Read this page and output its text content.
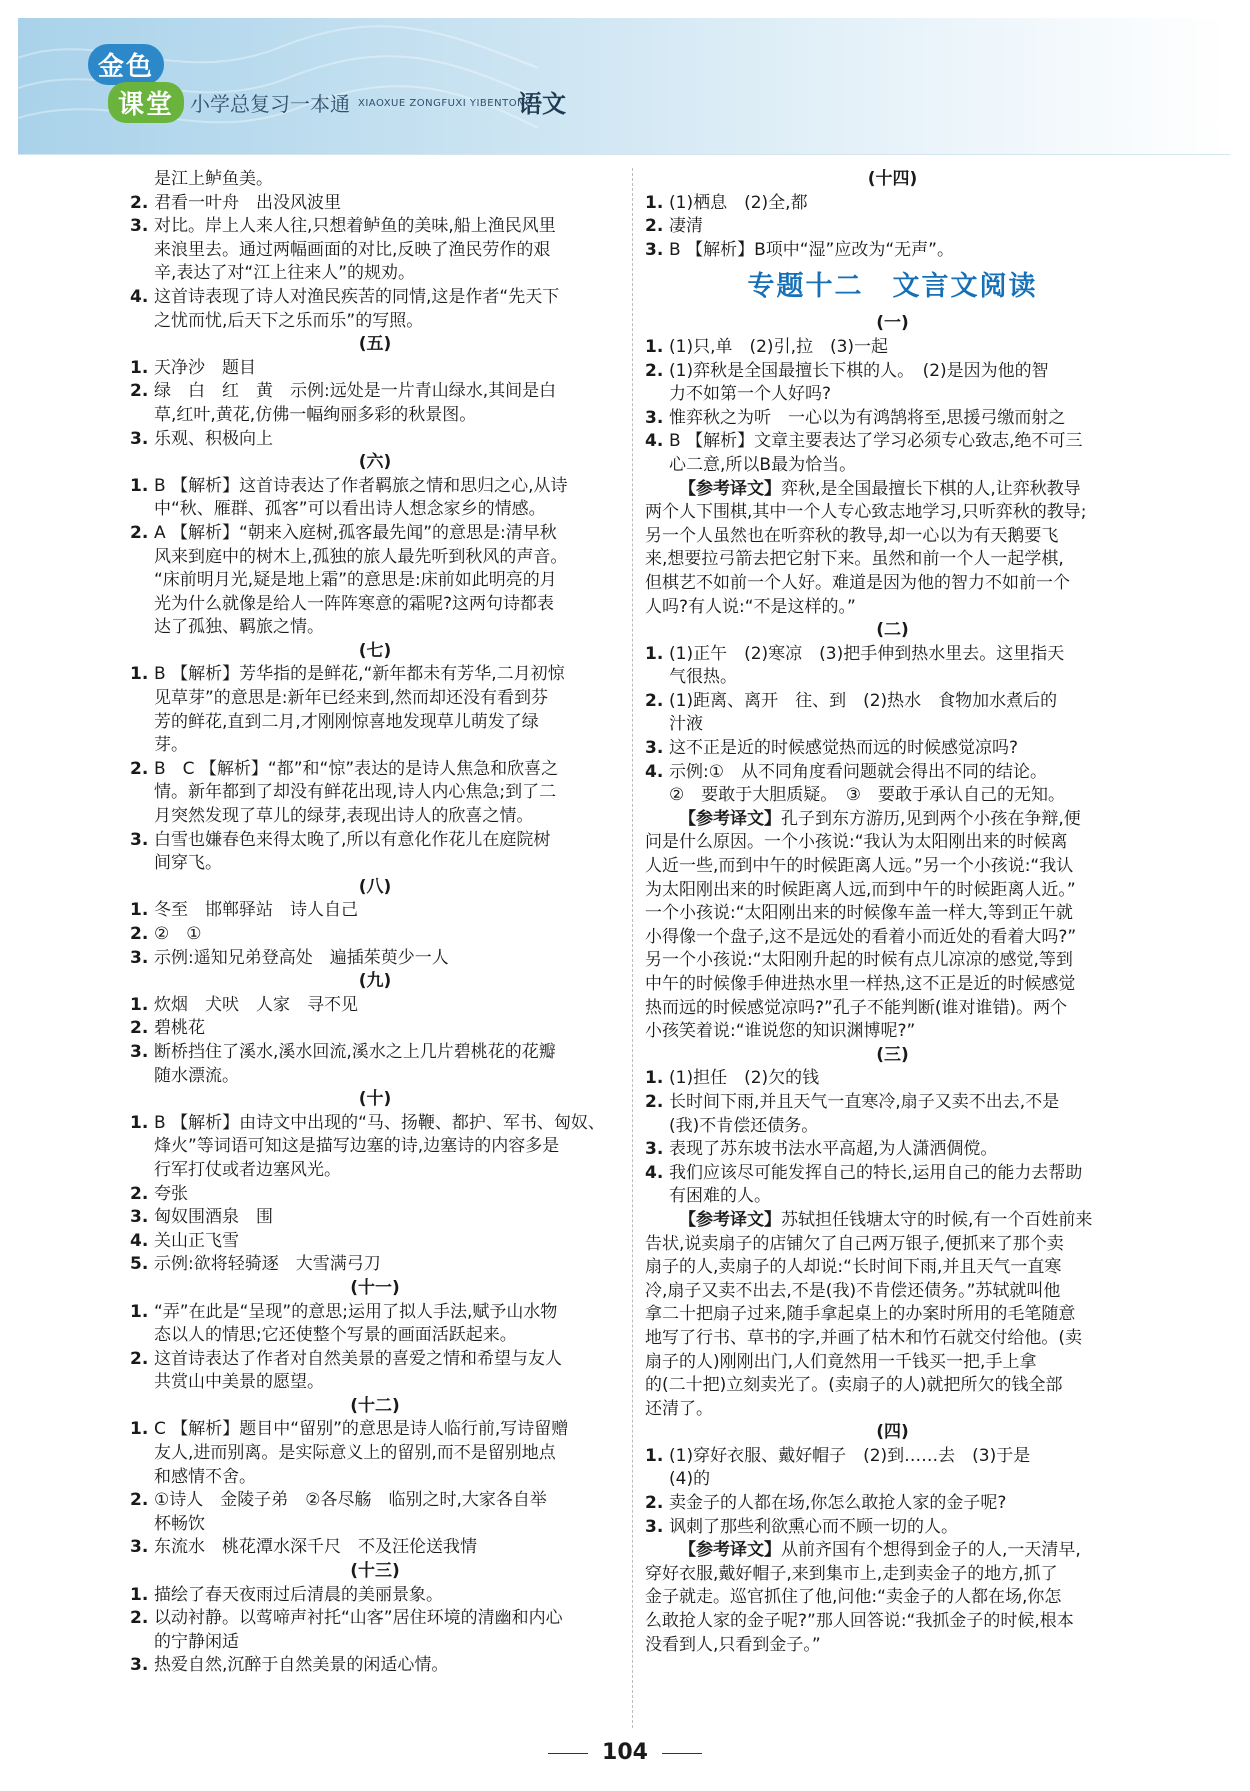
金色
课堂 小学总复习一本通 XIAOXUE ZONGFUXI YIBENTONG
语文
是江上鲈鱼美。
2. 君看一叶舟　出没风波里
3. 对比。岸上人来人往,只想着鲈鱼的美味,船上渔民风里
来浪里去。通过两幅画面的对比,反映了渔民劳作的艰
辛,表达了对“江上往来人”的规劝。
4. 这首诗表现了诗人对渔民疾苦的同情,这是作者“先天下
之忧而忧,后天下之乐而乐”的写照。
(五)
1. 天净沙　题目
2. 绿　白　红　黄　示例:远处是一片青山绿水,其间是白
草,红叶,黄花,仿佛一幅绚丽多彩的秋景图。
3. 乐观、积极向上
(六)
1. B 【解析】这首诗表达了作者羁旅之情和思归之心,从诗
中“秋、雁群、孤客”可以看出诗人想念家乡的情感。
2. A 【解析】“朝来入庭树,孤客最先闻”的意思是:清早秋
风来到庭中的树木上,孤独的旅人最先听到秋风的声音。
“床前明月光,疑是地上霜”的意思是:床前如此明亮的月
光为什么就像是给人一阵阵寒意的霜呢?这两句诗都表
达了孤独、羁旅之情。
(七)
1. B 【解析】芳华指的是鲜花,“新年都未有芳华,二月初惊
见草芽”的意思是:新年已经来到,然而却还没有看到芬
芳的鲜花,直到二月,才刚刚惊喜地发现草儿萌发了绿
芽。
2. B　C 【解析】“都”和“惊”表达的是诗人焦急和欣喜之
情。新年都到了却没有鲜花出现,诗人内心焦急;到了二
月突然发现了草儿的绿芽,表现出诗人的欣喜之情。
3. 白雪也嫌春色来得太晚了,所以有意化作花儿在庭院树
间穿飞。
(八)
1. 冬至　邯郸驿站　诗人自己
2. ②　①
3. 示例:遥知兄弟登高处　遍插茱萸少一人
(九)
1. 炊烟　犬吠　人家　寻不见
2. 碧桃花
3. 断桥挡住了溪水,溪水回流,溪水之上几片碧桃花的花瓣
随水漂流。
(十)
1. B 【解析】由诗文中出现的“马、扬鞭、都护、军书、匈奴、
烽火”等词语可知这是描写边塞的诗,边塞诗的内容多是
行军打仗或者边塞风光。
2. 夸张
3. 匈奴围酒泉　围
4. 关山正飞雪
5. 示例:欲将轻骑逐　大雪满弓刀
(十一)
1. “弄”在此是“呈现”的意思;运用了拟人手法,赋予山水物
态以人的情思;它还使整个写景的画面活跃起来。
2. 这首诗表达了作者对自然美景的喜爱之情和希望与友人
共赏山中美景的愿望。
(十二)
1. C 【解析】题目中“留别”的意思是诗人临行前,写诗留赠
友人,进而别离。是实际意义上的留别,而不是留别地点
和感情不舍。
2. ①诗人　金陵子弟　②各尽觞　临别之时,大家各自举
杯畅饮
3. 东流水　桃花潭水深千尺　不及汪伦送我情
(十三)
1. 描绘了春天夜雨过后清晨的美丽景象。
2. 以动衬静。以莺啼声衬托“山客”居住环境的清幽和内心
的宁静闲适
3. 热爱自然,沉醉于自然美景的闲适心情。
(十四)
1. (1)栖息　(2)全,都
2. 凄清
3. B 【解析】B项中“湿”应改为“无声”。
专题十二　文言文阅读
(一)
1. (1)只,单　(2)引,拉　(3)一起
2. (1)弈秋是全国最擅长下棋的人。　(2)是因为他的智
力不如第一个人好吗?
3. 惟弈秋之为听　一心以为有鸿鹄将至,思援弓缴而射之
4. B 【解析】文章主要表达了学习必须专心致志,绝不可三
心二意,所以B最为恰当。
【参考译文】弈秋,是全国最擅长下棋的人,让弈秋教导
两个人下围棋,其中一个人专心致志地学习,只听弈秋的教导;
另一个人虽然也在听弈秋的教导,却一心以为有天鹅要飞
来,想要拉弓箭去把它射下来。虽然和前一个人一起学棋,
但棋艺不如前一个人好。难道是因为他的智力不如前一个
人吗?有人说:“不是这样的。”
(二)
1. (1)正午　(2)寒凉　(3)把手伸到热水里去。这里指天
气很热。
2. (1)距离、离开　往、到　(2)热水　食物加水煮后的
汁液
3. 这不正是近的时候感觉热而远的时候感觉凉吗?
4. 示例:①　从不同角度看问题就会得出不同的结论。
②　要敢于大胆质疑。　③　要敢于承认自己的无知。
【参考译文】孔子到东方游历,见到两个小孩在争辩,便
问是什么原因。一个小孩说:“我认为太阳刚出来的时候离
人近一些,而到中午的时候距离人远。”另一个小孩说:“我认
为太阳刚出来的时候距离人远,而到中午的时候距离人近。”
一个小孩说:“太阳刚出来的时候像车盖一样大,等到正午就
小得像一个盘子,这不是远处的看着小而近处的看着大吗?”
另一个小孩说:“太阳刚升起的时候有点儿凉凉的感觉,等到
中午的时候像手伸进热水里一样热,这不正是近的时候感觉
热而远的时候感觉凉吗?”孔子不能判断(谁对谁错)。两个
小孩笑着说:“谁说您的知识渊博呢?”
(三)
1. (1)担任　(2)欠的钱
2. 长时间下雨,并且天气一直寒冷,扇子又卖不出去,不是
(我)不肯偿还债务。
3. 表现了苏东坡书法水平高超,为人潇洒倜傥。
4. 我们应该尽可能发挥自己的特长,运用自己的能力去帮助
有困难的人。
【参考译文】苏轼担任钱塘太守的时候,有一个百姓前来
告状,说卖扇子的店铺欠了自己两万银子,便抓来了那个卖
扇子的人,卖扇子的人却说:“长时间下雨,并且天气一直寒
冷,扇子又卖不出去,不是(我)不肯偿还债务。”苏轼就叫他
拿二十把扇子过来,随手拿起桌上的办案时所用的毛笔随意
地写了行书、草书的字,并画了枯木和竹石就交付给他。(卖
扇子的人)刚刚出门,人们竟然用一千钱买一把,手上拿
的(二十把)立刻卖光了。(卖扇子的人)就把所欠的钱全部
还清了。
(四)
1. (1)穿好衣服、戴好帽子　(2)到……去　(3)于是
(4)的
2. 卖金子的人都在场,你怎么敢抢人家的金子呢?
3. 讽刺了那些利欲熏心而不顾一切的人。
【参考译文】从前齐国有个想得到金子的人,一天清早,
穿好衣服,戴好帽子,来到集市上,走到卖金子的地方,抓了
金子就走。巡官抓住了他,问他:“卖金子的人都在场,你怎
么敢抢人家的金子呢?”那人回答说:“我抓金子的时候,根本
没看到人,只看到金子。”
104
